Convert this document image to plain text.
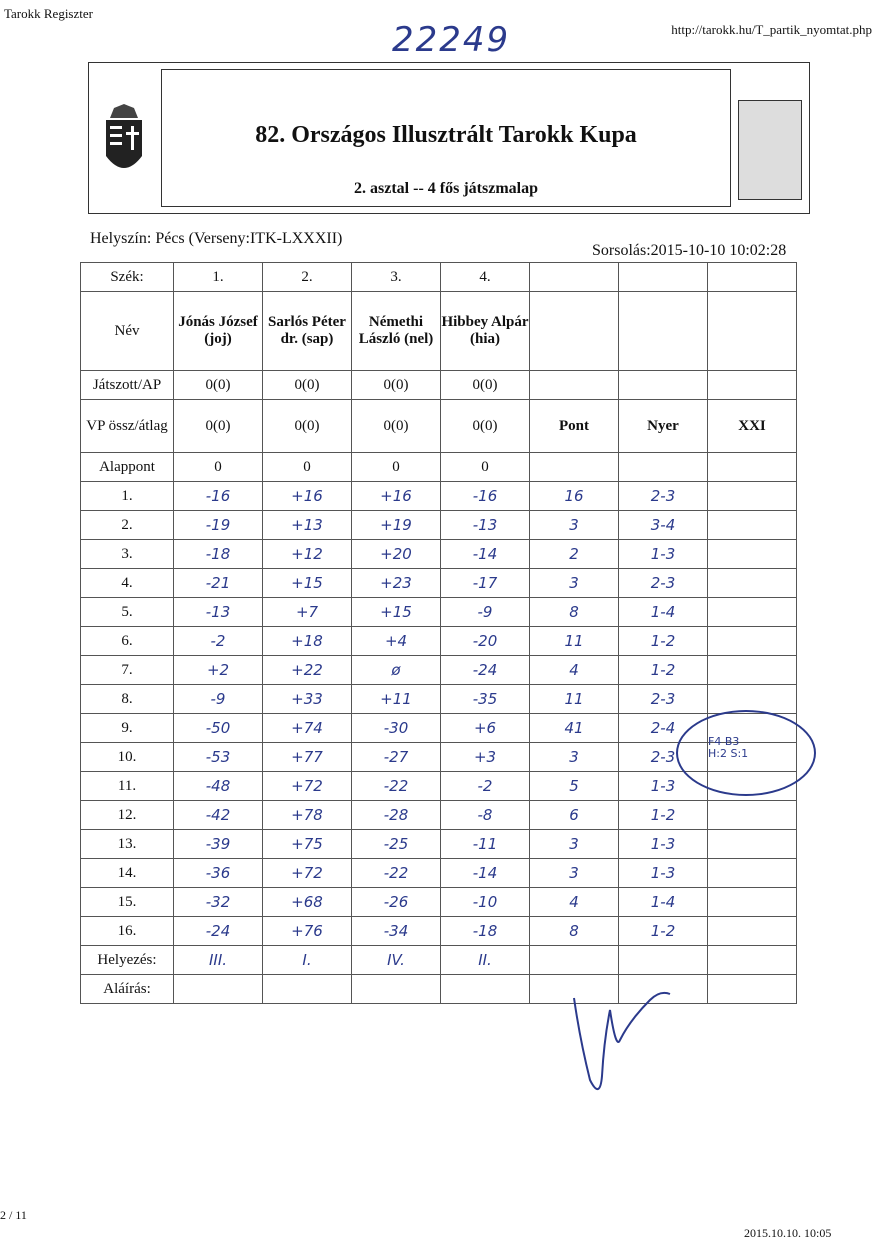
Tarokk Regiszter
http://tarokk.hu/T_partik_nyomtat.php
22249
82. Országos Illusztrált Tarokk Kupa
2. asztal -- 4 fős játszmalap
Helyszín: Pécs (Verseny:ITK-LXXXII)
Sorsolás:2015-10-10 10:02:28
Szék:	1.	2.	3.	4.			
Név	Jónás József (joj)	Sarlós Péter dr. (sap)	Némethi László (nel)	Hibbey Alpár (hia)			
Játszott/AP	0(0)	0(0)	0(0)	0(0)			
VP össz/átlag	0(0)	0(0)	0(0)	0(0)	Pont	Nyer	XXI
Alappont	0	0	0	0			
1.	-16	+16	+16	-16	16	2-3	
2.	-19	+13	+19	-13	3	3-4	
3.	-18	+12	+20	-14	2	1-3	
4.	-21	+15	+23	-17	3	2-3	
5.	-13	+7	+15	-9	8	1-4	
6.	-2	+18	+4	-20	11	1-2	
7.	+2	+22	ø	-24	4	1-2	
8.	-9	+33	+11	-35	11	2-3	
9.	-50	+74	-30	+6	41	2-4	
10.	-53	+77	-27	+3	3	2-3	
11.	-48	+72	-22	-2	5	1-3	
12.	-42	+78	-28	-8	6	1-2	
13.	-39	+75	-25	-11	3	1-3	
14.	-36	+72	-22	-14	3	1-3	
15.	-32	+68	-26	-10	4	1-4	
16.	-24	+76	-34	-18	8	1-2	
Helyezés:	III.	I.	IV.	II.			
Aláírás:							
F4 B3
H:2 S:1
2 / 11
2015.10.10. 10:05
